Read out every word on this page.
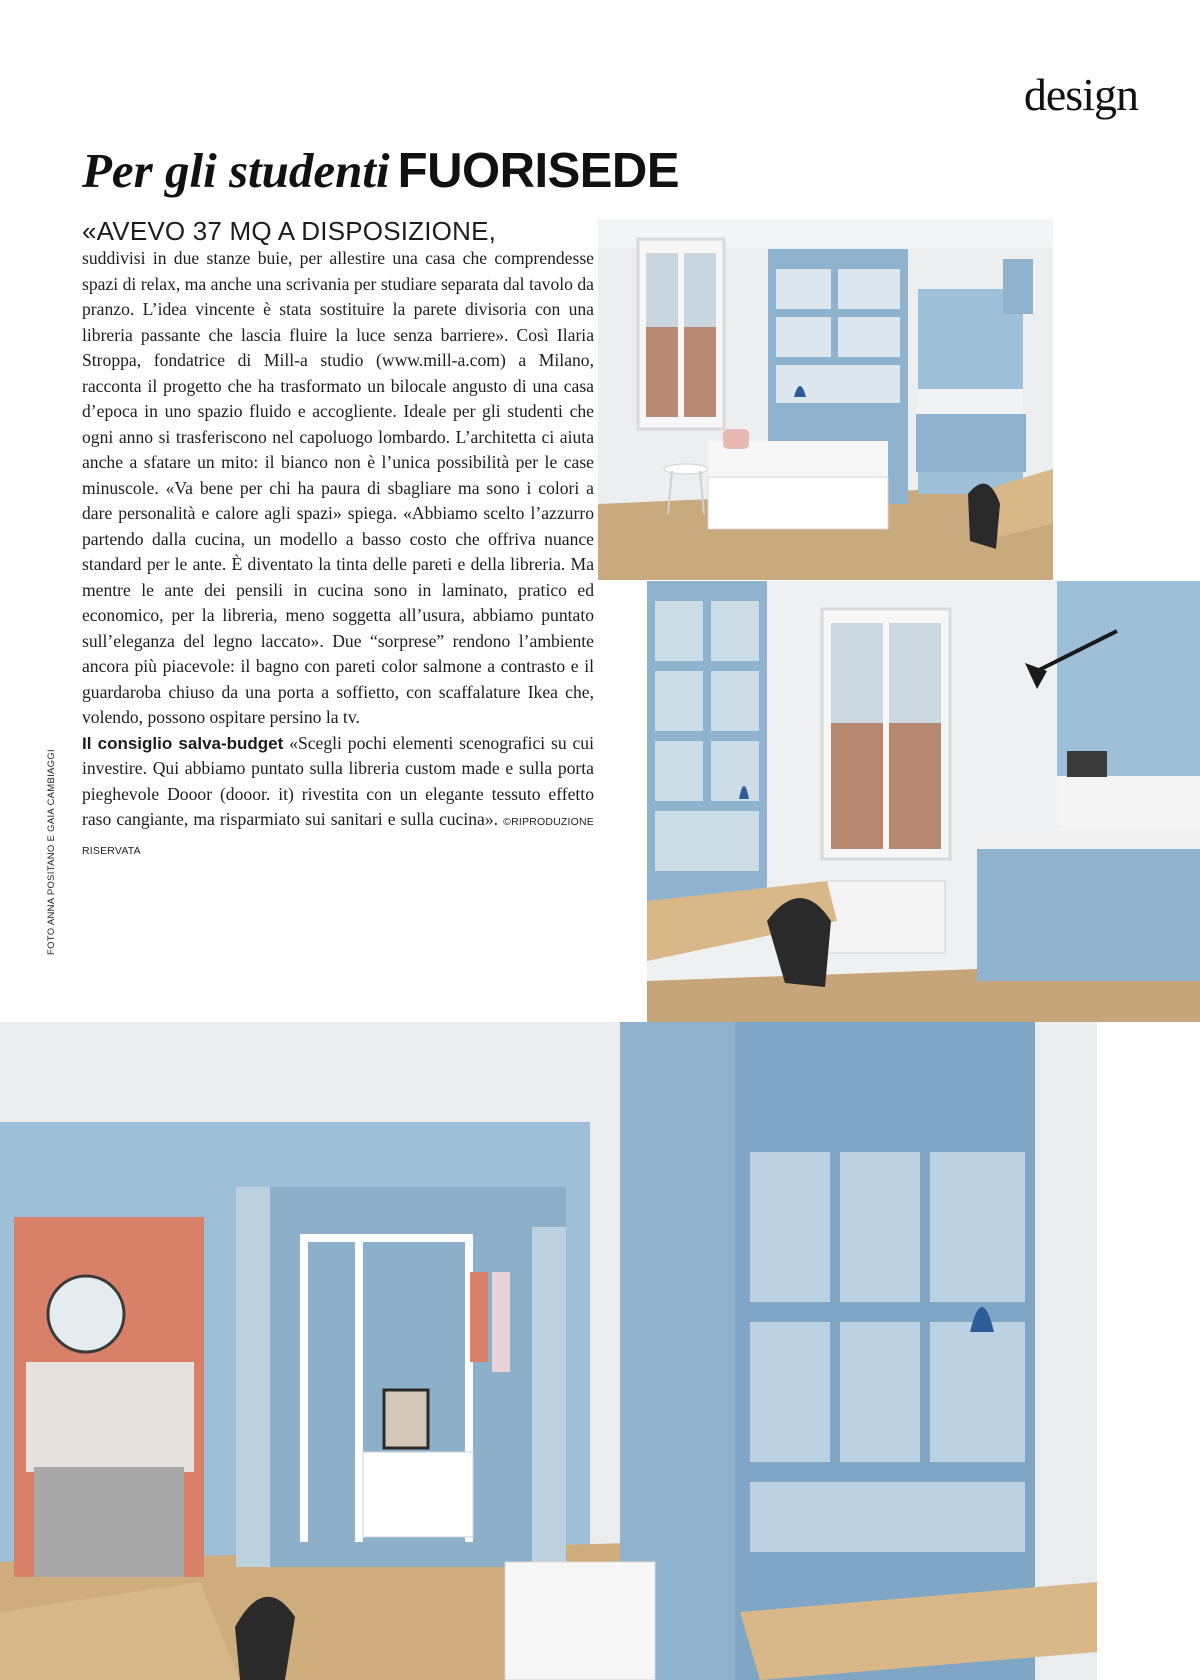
design
Per gli studenti FUORISEDE
«AVEVO 37 MQ A DISPOSIZIONE,

suddivisi in due stanze buie, per allestire una casa che comprendesse spazi di relax, ma anche una scrivania per studiare separata dal tavolo da pranzo. L’idea vincente è stata sostituire la parete divisoria con una libreria passante che lascia fluire la luce senza barriere». Così Ilaria Stroppa, fondatrice di Mill-a studio (www.mill-a.com) a Milano, racconta il progetto che ha trasformato un bilocale angusto di una casa d’epoca in uno spazio fluido e accogliente. Ideale per gli studenti che ogni anno si trasferiscono nel capoluogo lombardo. L’architetta ci aiuta anche a sfatare un mito: il bianco non è l’unica possibilità per le case minuscole. «Va bene per chi ha paura di sbagliare ma sono i colori a dare personalità e calore agli spazi» spiega. «Abbiamo scelto l’azzurro partendo dalla cucina, un modello a basso costo che offriva nuance standard per le ante. È diventato la tinta delle pareti e della libreria. Ma mentre le ante dei pensili in cucina sono in laminato, pratico ed economico, per la libreria, meno soggetta all’usura, abbiamo puntato sull’eleganza del legno laccato». Due “sorprese” rendono l’ambiente ancora più piacevole: il bagno con pareti color salmone a contrasto e il guardaroba chiuso da una porta a soffietto, con scaffalature Ikea che, volendo, possono ospitare persino la tv.

Il consiglio salva-budget «Scegli pochi elementi scenografici su cui investire. Qui abbiamo puntato sulla libreria custom made e sulla porta pieghevole Dooor (dooor. it) rivestita con un elegante tessuto effetto raso cangiante, ma risparmiato sui sanitari e sulla cucina». ©RIPRODUZIONE RISERVATA

FOTO ANNA POSITANO E GAIA CAMBIAGGI
